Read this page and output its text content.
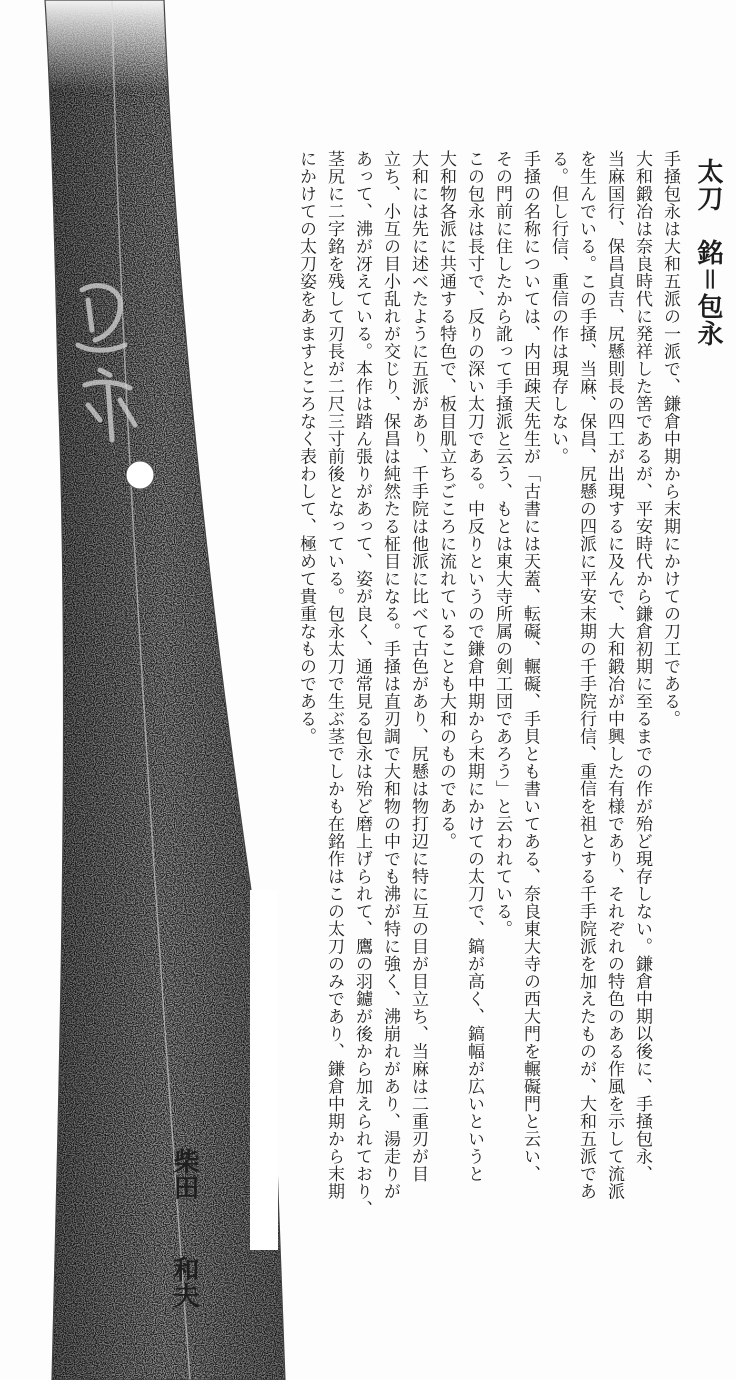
太刀　銘＝包永
手掻包永は大和五派の一派で、鎌倉中期から末期にかけての刀工である。
大和鍛冶は奈良時代に発祥した筈であるが、平安時代から鎌倉初期に至るまでの作が殆ど現存しない。鎌倉中期以後に、手掻包永、
当麻国行、保昌貞吉、尻懸則長の四工が出現するに及んで、大和鍛冶が中興した有様であり、それぞれの特色のある作風を示して流派
を生んでいる。この手掻、当麻、保昌、尻懸の四派に平安末期の千手院行信、重信を祖とする千手院派を加えたものが、大和五派であ
る。但し行信、重信の作は現存しない。
手掻の名称については、内田疎天先生が「古書には天蓋、転礙、輾礙、手貝とも書いてある、奈良東大寺の西大門を輾礙門と云い、
その門前に住したから訛って手掻派と云う、もとは東大寺所属の剣工団であろう」と云われている。
この包永は長寸で、反りの深い太刀である。中反りというので鎌倉中期から末期にかけての太刀で、鎬が高く、鎬幅が広いというと
大和物各派に共通する特色で、板目肌立ちごころに流れていることも大和のものである。
大和には先に述べたように五派があり、千手院は他派に比べて古色があり、尻懸は物打辺に特に互の目が目立ち、当麻は二重刃が目
立ち、小互の目小乱れが交じり、保昌は純然たる柾目になる。手掻は直刃調で大和物の中でも沸が特に強く、沸崩れがあり、湯走りが
あって、沸が冴えている。本作は踏ん張りがあって、姿が良く、通常見る包永は殆ど磨上げられて、鷹の羽鑢が後から加えられており、
茎尻に二字銘を残して刃長が二尺三寸前後となっている。包永太刀で生ぶ茎でしかも在銘作はこの太刀のみであり、鎌倉中期から末期
にかけての太刀姿をあますところなく表わして、極めて貴重なものである。
柴田
和夫
